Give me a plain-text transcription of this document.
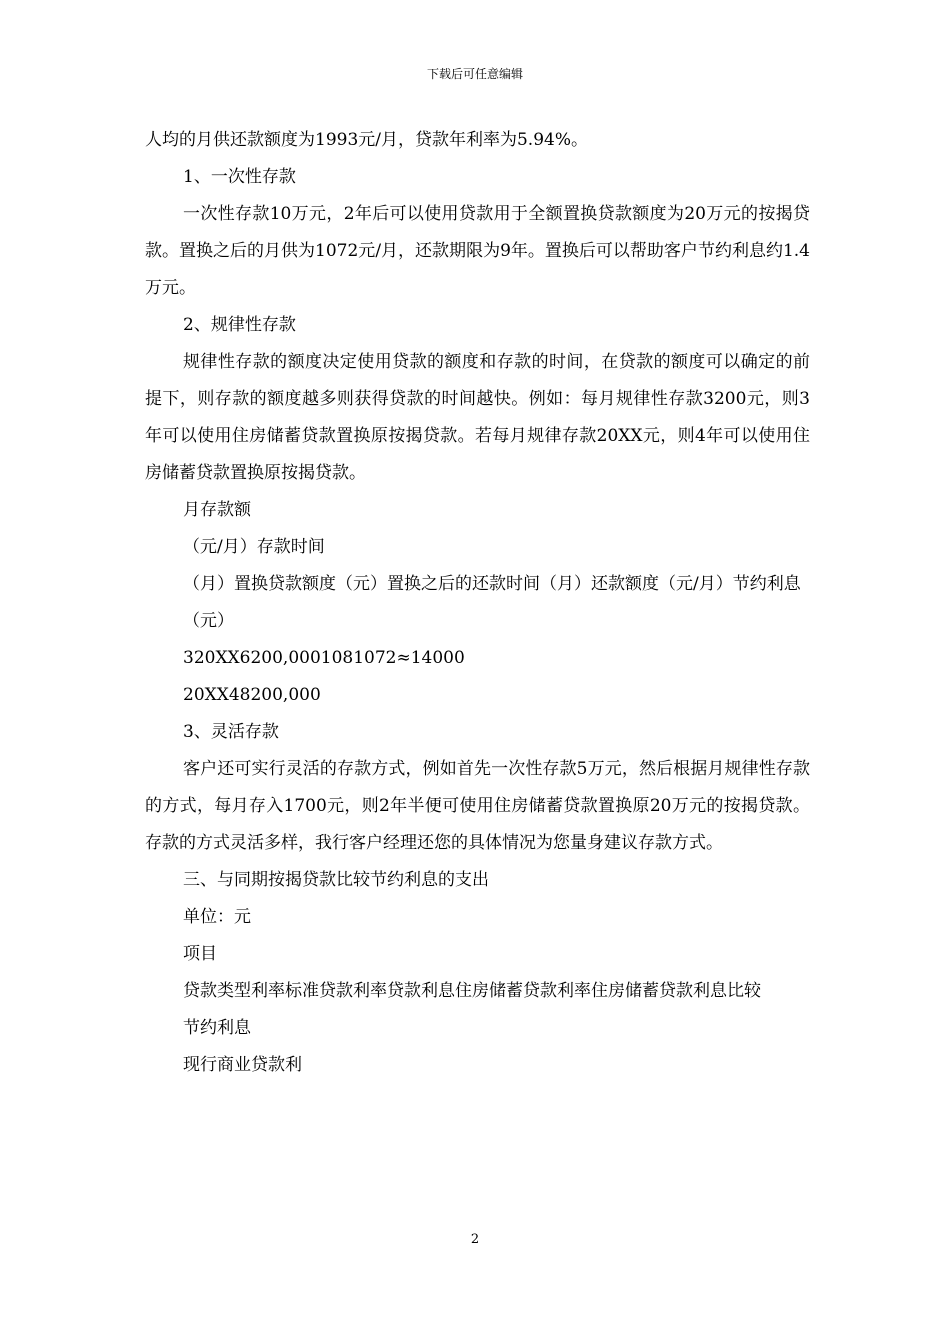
下载后可任意编辑

人均的月供还款额度为1993元/月，贷款年利率为5.94%。

1、一次性存款

一次性存款10万元，2年后可以使用贷款用于全额置换贷款额度为20万元的按揭贷款。置换之后的月供为1072元/月，还款期限为9年。置换后可以帮助客户节约利息约1.4万元。

2、规律性存款

规律性存款的额度决定使用贷款的额度和存款的时间，在贷款的额度可以确定的前提下，则存款的额度越多则获得贷款的时间越快。例如：每月规律性存款3200元，则3年可以使用住房储蓄贷款置换原按揭贷款。若每月规律存款20XX元，则4年可以使用住房储蓄贷款置换原按揭贷款。

月存款额

（元/月）存款时间

（月）置换贷款额度（元）置换之后的还款时间（月）还款额度（元/月）节约利息

（元）

320XX6200,0001081072≈14000

20XX48200,000

3、灵活存款

客户还可实行灵活的存款方式，例如首先一次性存款5万元，然后根据月规律性存款的方式，每月存入1700元，则2年半便可使用住房储蓄贷款置换原20万元的按揭贷款。存款的方式灵活多样，我行客户经理还您的具体情况为您量身建议存款方式。

三、与同期按揭贷款比较节约利息的支出

单位：元

项目

贷款类型利率标准贷款利率贷款利息住房储蓄贷款利率住房储蓄贷款利息比较

节约利息

现行商业贷款利

2
